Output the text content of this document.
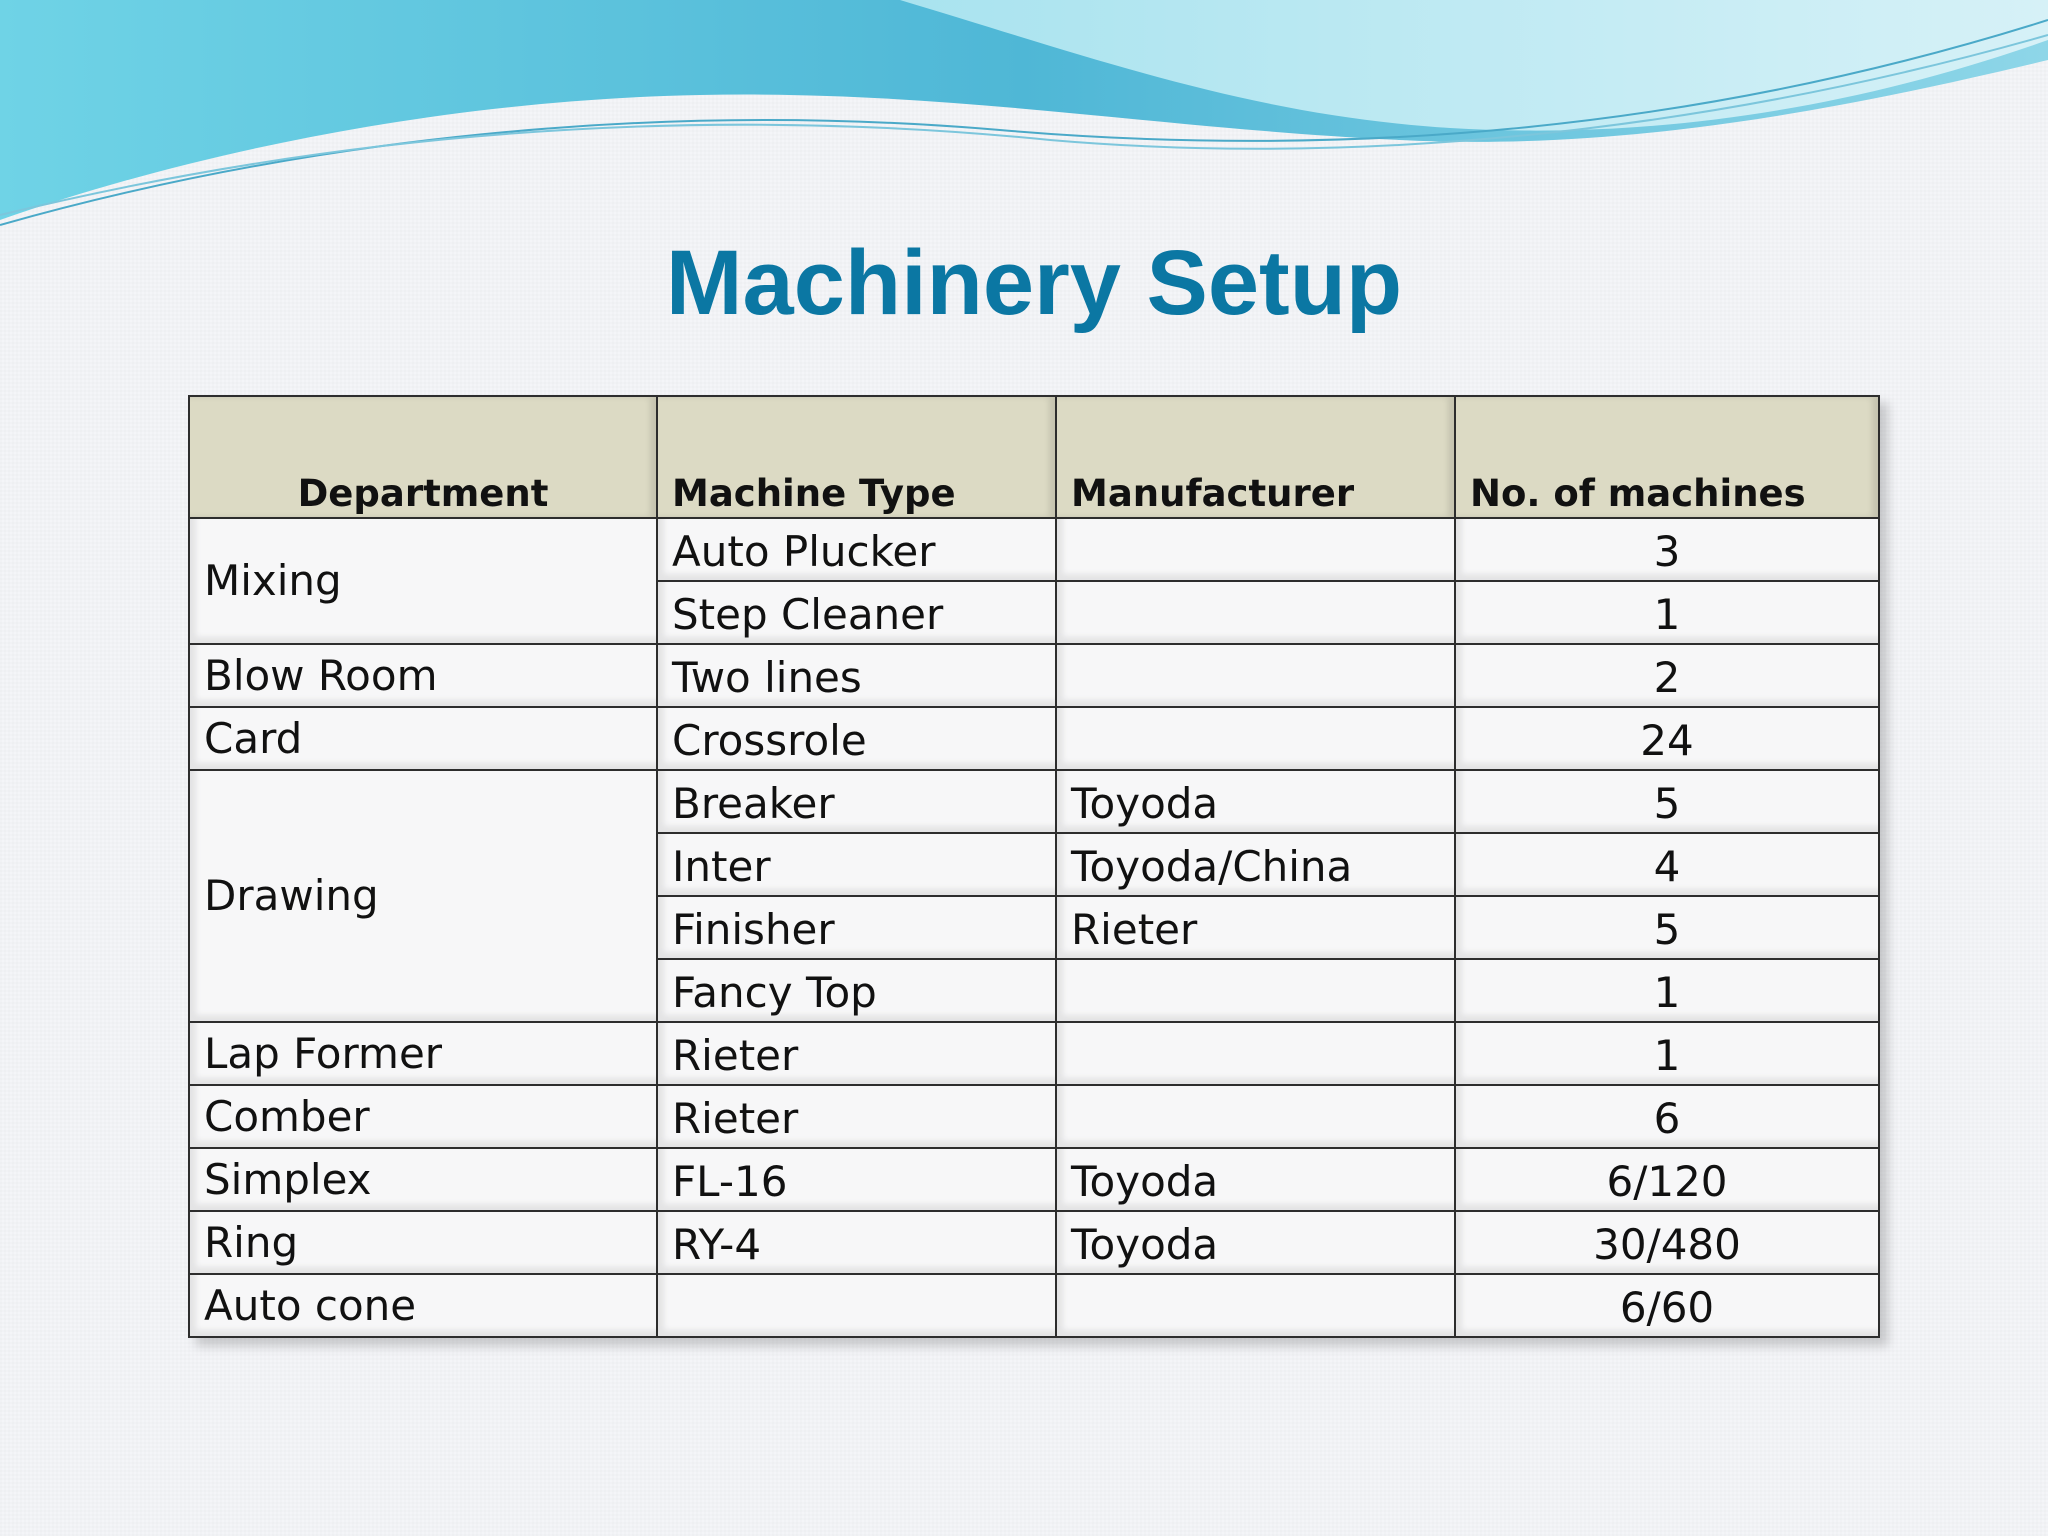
Machinery Setup
Department	Machine Type	Manufacturer	No. of machines
Mixing	Auto Plucker		3
	Step Cleaner		1
Blow Room	Two lines		2
Card	Crossrole		24
Drawing	Breaker	Toyoda	5
	Inter	Toyoda/China	4
	Finisher	Rieter	5
	Fancy Top		1
Lap Former	Rieter		1
Comber	Rieter		6
Simplex	FL-16	Toyoda	6/120
Ring	RY-4	Toyoda	30/480
Auto cone			6/60
